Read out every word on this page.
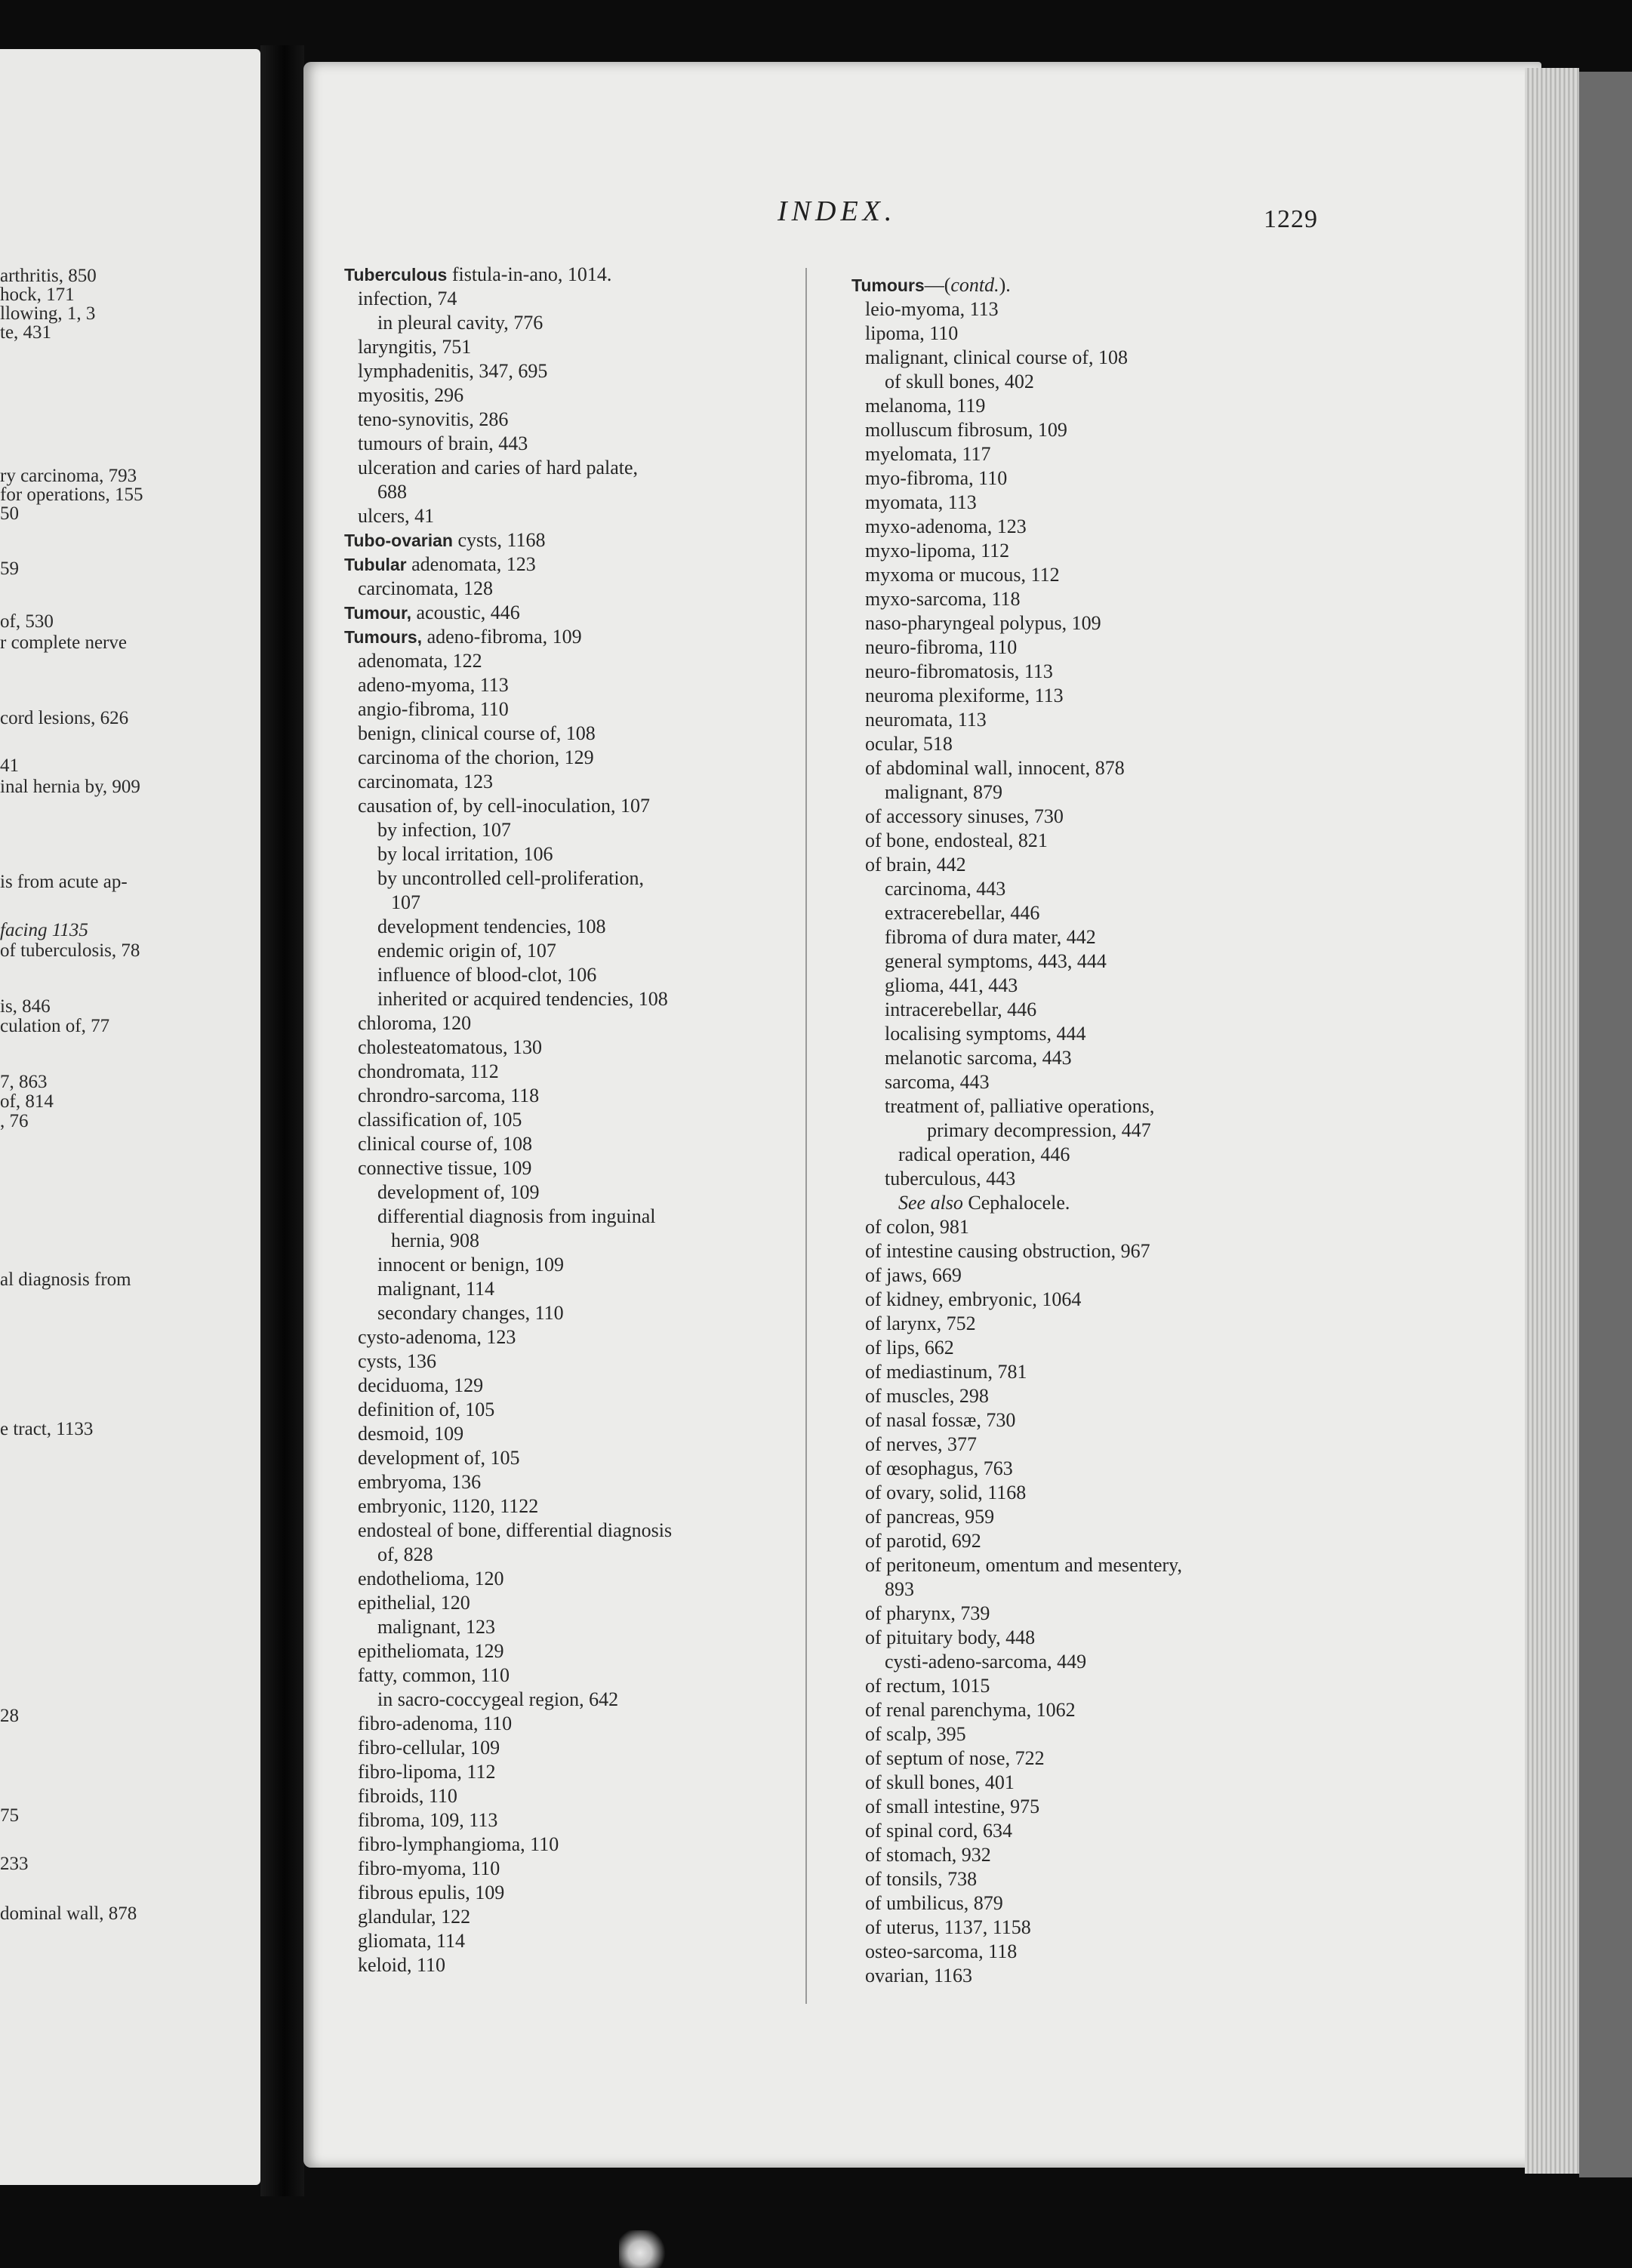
arthritis, 850
hock, 171
llowing, 1, 3
te, 431
ry carcinoma, 793
for operations, 155
50
59
of, 530
r complete nerve
cord lesions, 626
41
inal hernia by, 909
is from acute ap-
facing 1135
of tuberculosis, 78
is, 846
culation of, 77
7, 863
of, 814
, 76
al diagnosis from
e tract, 1133
28
75
233
dominal wall, 878
INDEX.	1229
Tuberculous fistula-in-ano, 1014.
infection, 74
in pleural cavity, 776
laryngitis, 751
lymphadenitis, 347, 695
myositis, 296
teno-synovitis, 286
tumours of brain, 443
ulceration and caries of hard palate,
688
ulcers, 41
Tubo-ovarian cysts, 1168
Tubular adenomata, 123
carcinomata, 128
Tumour, acoustic, 446
Tumours, adeno-fibroma, 109
adenomata, 122
adeno-myoma, 113
angio-fibroma, 110
benign, clinical course of, 108
carcinoma of the chorion, 129
carcinomata, 123
causation of, by cell-inoculation, 107
by infection, 107
by local irritation, 106
by uncontrolled cell-proliferation,
107
development tendencies, 108
endemic origin of, 107
influence of blood-clot, 106
inherited or acquired tendencies, 108
chloroma, 120
cholesteatomatous, 130
chondromata, 112
chrondro-sarcoma, 118
classification of, 105
clinical course of, 108
connective tissue, 109
development of, 109
differential diagnosis from inguinal
hernia, 908
innocent or benign, 109
malignant, 114
secondary changes, 110
cysto-adenoma, 123
cysts, 136
deciduoma, 129
definition of, 105
desmoid, 109
development of, 105
embryoma, 136
embryonic, 1120, 1122
endosteal of bone, differential diagnosis
of, 828
endothelioma, 120
epithelial, 120
malignant, 123
epitheliomata, 129
fatty, common, 110
in sacro-coccygeal region, 642
fibro-adenoma, 110
fibro-cellular, 109
fibro-lipoma, 112
fibroids, 110
fibroma, 109, 113
fibro-lymphangioma, 110
fibro-myoma, 110
fibrous epulis, 109
glandular, 122
gliomata, 114
keloid, 110
Tumours—(contd.).
leio-myoma, 113
lipoma, 110
malignant, clinical course of, 108
of skull bones, 402
melanoma, 119
molluscum fibrosum, 109
myelomata, 117
myo-fibroma, 110
myomata, 113
myxo-adenoma, 123
myxo-lipoma, 112
myxoma or mucous, 112
myxo-sarcoma, 118
naso-pharyngeal polypus, 109
neuro-fibroma, 110
neuro-fibromatosis, 113
neuroma plexiforme, 113
neuromata, 113
ocular, 518
of abdominal wall, innocent, 878
malignant, 879
of accessory sinuses, 730
of bone, endosteal, 821
of brain, 442
carcinoma, 443
extracerebellar, 446
fibroma of dura mater, 442
general symptoms, 443, 444
glioma, 441, 443
intracerebellar, 446
localising symptoms, 444
melanotic sarcoma, 443
sarcoma, 443
treatment of, palliative operations,
primary decompression, 447
radical operation, 446
tuberculous, 443
See also Cephalocele.
of colon, 981
of intestine causing obstruction, 967
of jaws, 669
of kidney, embryonic, 1064
of larynx, 752
of lips, 662
of mediastinum, 781
of muscles, 298
of nasal fossæ, 730
of nerves, 377
of œsophagus, 763
of ovary, solid, 1168
of pancreas, 959
of parotid, 692
of peritoneum, omentum and mesentery,
893
of pharynx, 739
of pituitary body, 448
cysti-adeno-sarcoma, 449
of rectum, 1015
of renal parenchyma, 1062
of scalp, 395
of septum of nose, 722
of skull bones, 401
of small intestine, 975
of spinal cord, 634
of stomach, 932
of tonsils, 738
of umbilicus, 879
of uterus, 1137, 1158
osteo-sarcoma, 118
ovarian, 1163
